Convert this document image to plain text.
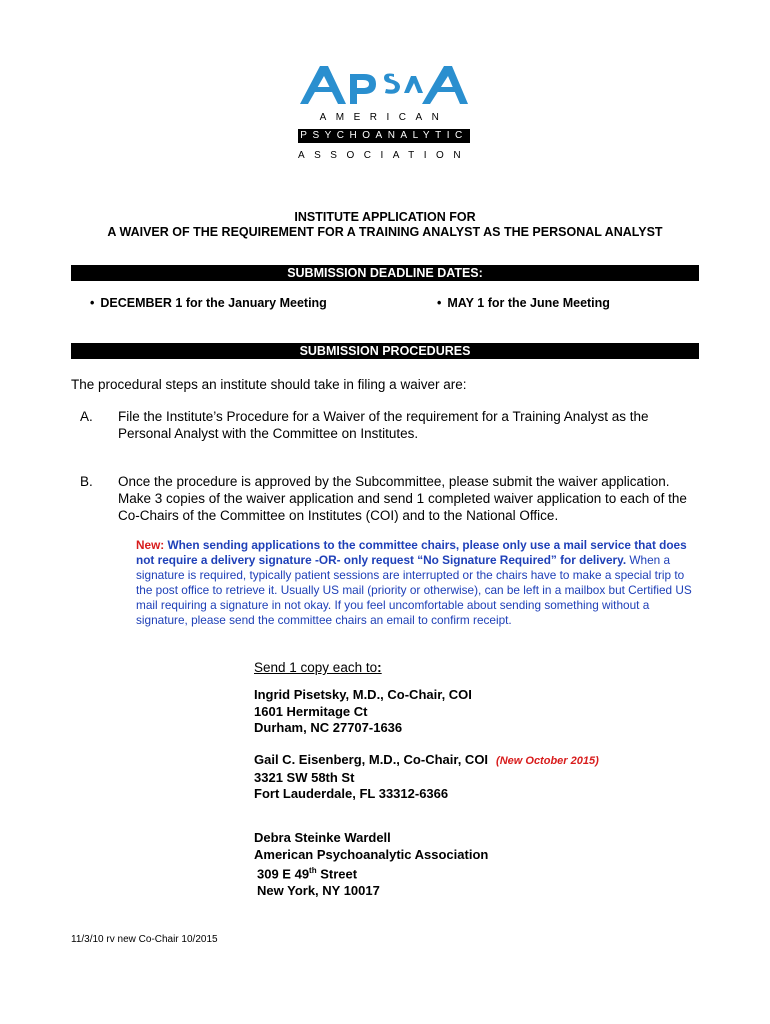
AMERICAN
PSYCHOANALYTIC
ASSOCIATION
INSTITUTE APPLICATION FOR
A WAIVER OF THE REQUIREMENT FOR A TRAINING ANALYST AS THE PERSONAL ANALYST
SUBMISSION DEADLINE DATES:
• DECEMBER 1 for the January Meeting	• MAY 1 for the June Meeting
SUBMISSION PROCEDURES
The procedural steps an institute should take in filing a waiver are:
A. File the Institute’s Procedure for a Waiver of the requirement for a Training Analyst as the Personal Analyst with the Committee on Institutes.
B. Once the procedure is approved by the Subcommittee, please submit the waiver application. Make 3 copies of the waiver application and send 1 completed waiver application to each of the Co-Chairs of the Committee on Institutes (COI) and to the National Office.
New: When sending applications to the committee chairs, please only use a mail service that does not require a delivery signature -OR- only request “No Signature Required” for delivery. When a signature is required, typically patient sessions are interrupted or the chairs have to make a special trip to the post office to retrieve it. Usually US mail (priority or otherwise), can be left in a mailbox but Certified US mail requiring a signature in not okay. If you feel uncomfortable about sending something without a signature, please send the committee chairs an email to confirm receipt.
Send 1 copy each to:
Ingrid Pisetsky, M.D., Co-Chair, COI
1601 Hermitage Ct
Durham, NC 27707-1636
Gail C. Eisenberg, M.D., Co-Chair, COI (New October 2015)
3321 SW 58th St
Fort Lauderdale, FL 33312-6366
Debra Steinke Wardell
American Psychoanalytic Association
309 E 49th Street
New York, NY 10017
11/3/10 rv new Co-Chair 10/2015
